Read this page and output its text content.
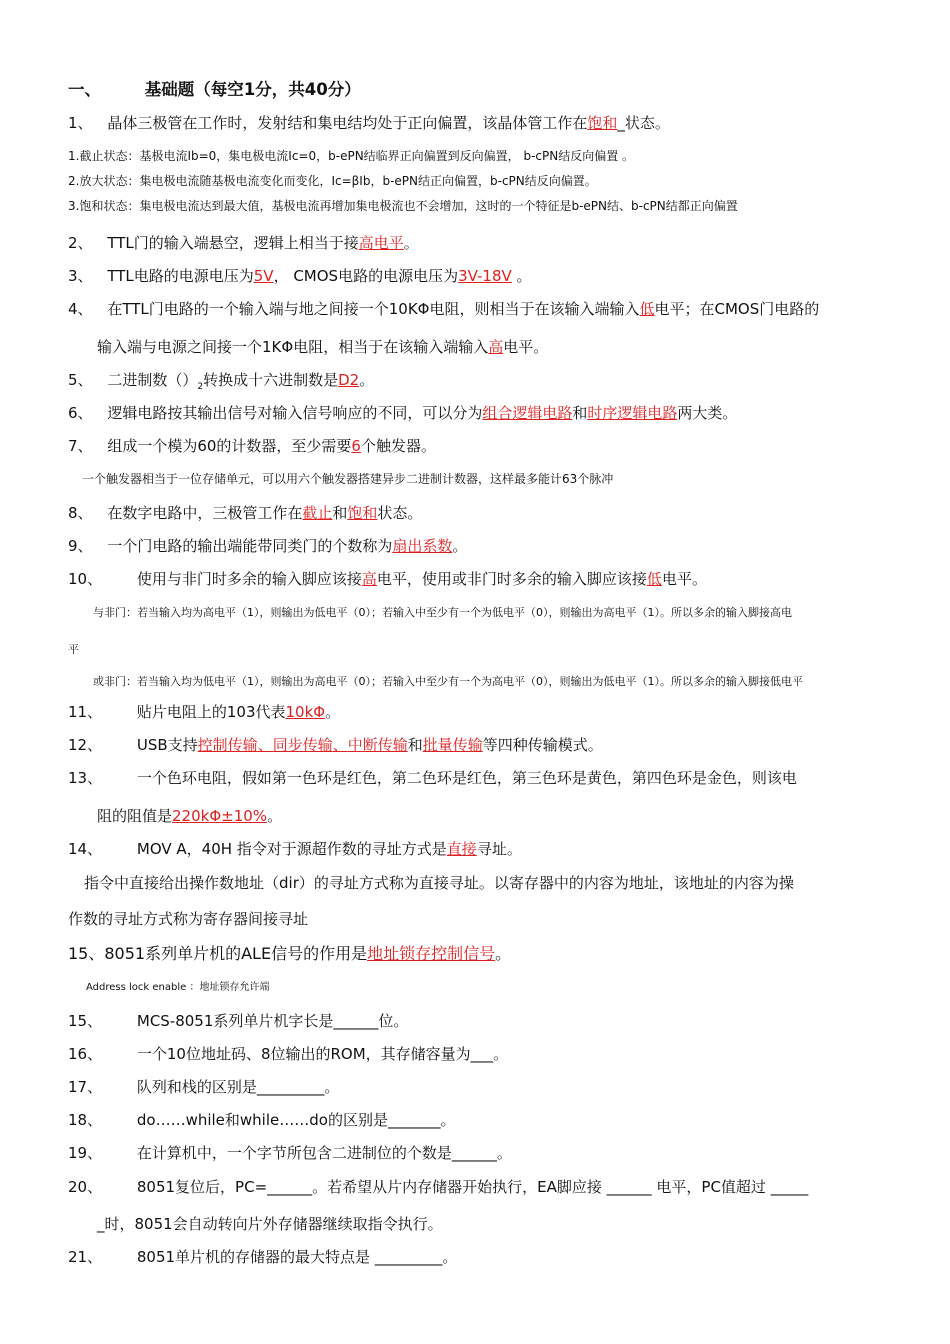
一、	基础题（每空1分，共40分）
1、 晶体三极管在工作时，发射结和集电结均处于正向偏置，该晶体管工作在饱和_状态。
1.截止状态：基极电流Ib=0，集电极电流Ic=0，b-ePN结临界正向偏置到反向偏置， b-cPN结反向偏置 。
2.放大状态：集电极电流随基极电流变化而变化，Ic=βIb，b-ePN结正向偏置，b-cPN结反向偏置。
3.饱和状态：集电极电流达到最大值，基极电流再增加集电极流也不会增加，这时的一个特征是b-ePN结、b-cPN结都正向偏置
2、 TTL门的输入端悬空，逻辑上相当于接高电平。
3、 TTL电路的电源电压为5V， CMOS电路的电源电压为3V-18V 。
4、 在TTL门电路的一个输入端与地之间接一个10KΦ电阻，则相当于在该输入端输入低电平；在CMOS门电路的
输入端与电源之间接一个1KΦ电阻，相当于在该输入端输入高电平。
5、 二进制数$()_2$转换成十六进制数是D2。
6、 逻辑电路按其输出信号对输入信号响应的不同，可以分为组合逻辑电路和时序逻辑电路两大类。
7、 组成一个模为60的计数器，至少需要6个触发器。
一个触发器相当于一位存储单元，可以用六个触发器搭建异步二进制计数器，这样最多能计63个脉冲
8、 在数字电路中，三极管工作在截止和饱和状态。
9、 一个门电路的输出端能带同类门的个数称为扇出系数。
10、 使用与非门时多余的输入脚应该接高电平，使用或非门时多余的输入脚应该接低电平。
与非门：若当输入均为高电平（1），则输出为低电平（0）；若输入中至少有一个为低电平（0），则输出为高电平（1）。所以多余的输入脚接高电
平
或非门：若当输入均为低电平（1），则输出为高电平（0）；若输入中至少有一个为高电平（0），则输出为低电平（1）。所以多余的输入脚接低电平
11、 贴片电阻上的103代表10kΦ。
12、 USB支持控制传输、同步传输、中断传输和批量传输等四种传输模式。
13、 一个色环电阻，假如第一色环是红色，第二色环是红色，第三色环是黄色，第四色环是金色，则该电
阻的阻值是220kΦ±10%。
14、 MOV A，40H 指令对于源超作数的寻址方式是直接寻址。
指令中直接给出操作数地址（dir）的寻址方式称为直接寻址。以寄存器中的内容为地址，该地址的内容为操
作数的寻址方式称为寄存器间接寻址
15、8051系列单片机的ALE信号的作用是地址锁存控制信号。
Address lock enable ：地址锁存允许端
15、 MCS-8051系列单片机字长是______位。
16、 一个10位地址码、8位输出的ROM，其存储容量为___。
17、 队列和栈的区别是_________。
18、 do……while和while……do的区别是_______。
19、 在计算机中，一个字节所包含二进制位的个数是______。
20、 8051复位后，PC=______。若希望从片内存储器开始执行，EA脚应接 ______ 电平，PC值超过 _____
_时，8051会自动转向片外存储器继续取指令执行。
21、 8051单片机的存储器的最大特点是 _________。
